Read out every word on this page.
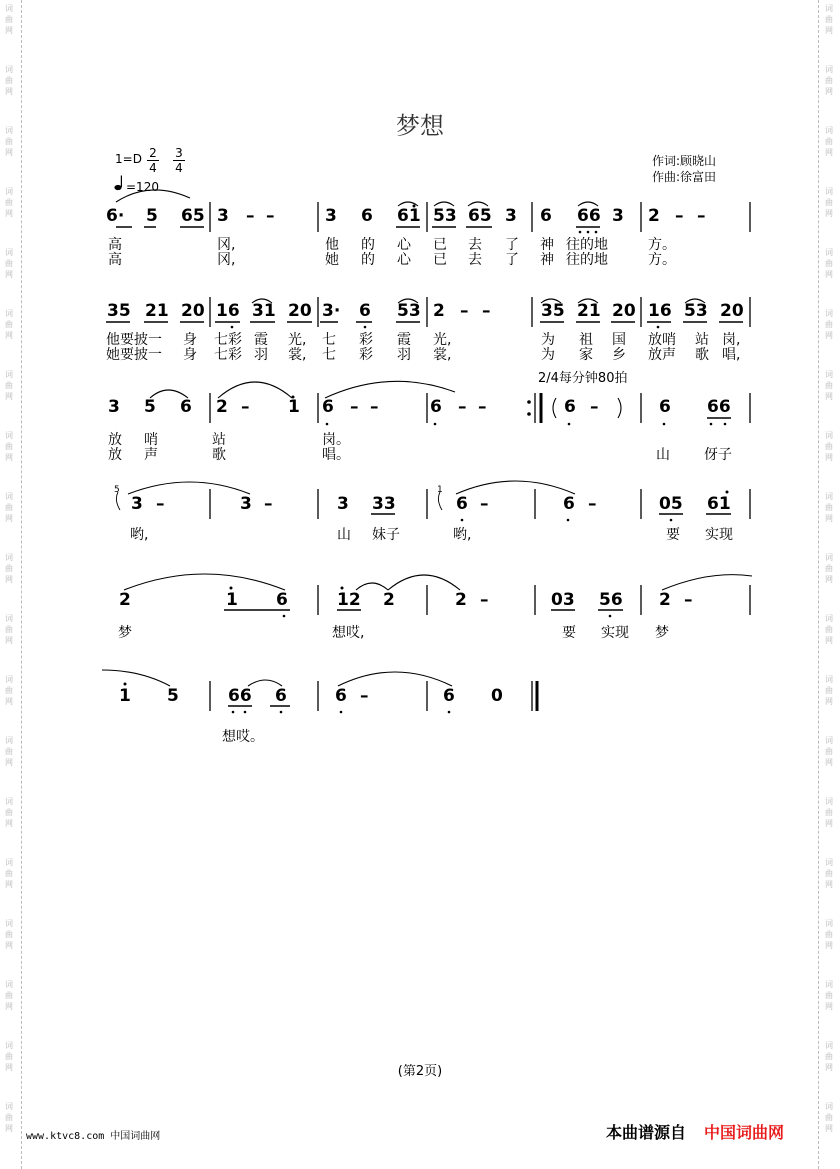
词
曲
网
词
曲
网
词
曲
网
词
曲
网
词
曲
网
词
曲
网
词
曲
网
词
曲
网
词
曲
网
词
曲
网
词
曲
网
词
曲
网
词
曲
网
词
曲
网
词
曲
网
词
曲
网
词
曲
网
词
曲
网
词
曲
网
词
曲
网
词
曲
网
词
曲
网
词
曲
网
词
曲
网
词
曲
网
词
曲
网
词
曲
网
词
曲
网
词
曲
网
词
曲
网
词
曲
网
词
曲
网
词
曲
网
词
曲
网
词
曲
网
词
曲
网
词
曲
网
词
曲
网
梦想
作词:顾晓山
作曲:徐富田
1=D 2
4
3
4
=120
6· 5 65 3 – –	3 6 61 53 65 3 6 66 3 2 – –
高	冈,	他 的 心 已 去 了 神 往的地	方。
高	冈,	她 的 心 已 去 了 神 往的地	方。
35 21 20 16 31 20 3· 6 53 2 – –	35 21 20 16 53 20
他要披一 身 七彩 霞 光, 七 彩 霞 光,	为 祖 国 放哨 站 岗,
她要披一 身 七彩 羽 裳, 七 彩 羽 裳,	为 家 乡 放声 歌 唱,
2/4每分钟80拍
3 5 6 2 – 1 6 – –	6 – –	6 –	6 66
放 哨	站	岗。
放 声	歌	唱。	山 伢子
5	1
3 –	3 –	3 33	6 –	6 –	05 61
哟,	山 妹子	哟,	要 实现
2	1 6	12 2	2 –	03 56 2 –
梦	想哎,	要 实现 梦
1 5	66 6	6 –	6 0
想哎。
(第2页)
www.ktvc8.com 中国词曲网	本曲谱源自 中国词曲网
